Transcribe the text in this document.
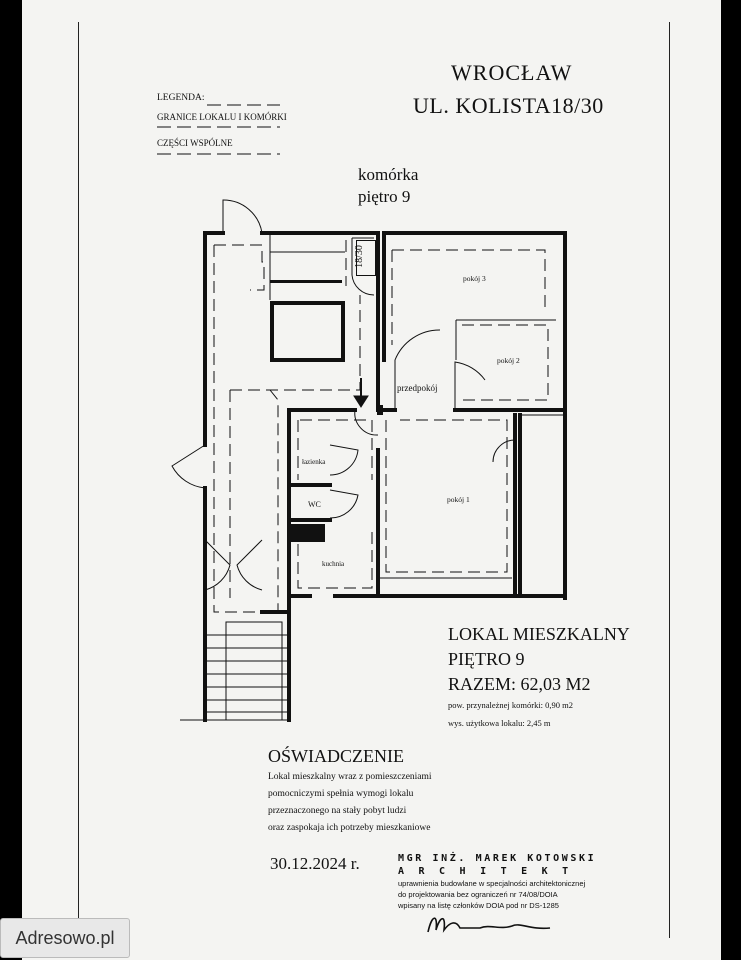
WROCŁAW
UL. KOLISTA18/30
LEGENDA:
GRANICE LOKALU I KOMÓRKI
CZĘŚCI WSPÓLNE
komórka
piętro 9
18/30
pokój 3
pokój 2
przedpokój
łazienka
WC
pokój 1
kuchnia
LOKAL MIESZKALNY
PIĘTRO 9
RAZEM: 62,03 M2
pow. przynależnej komórki: 0,90 m2
wys. użytkowa lokalu: 2,45 m
OŚWIADCZENIE
Lokal mieszkalny wraz z pomieszczeniami
pomocniczymi spełnia wymogi lokalu
przeznaczonego na stały pobyt ludzi
oraz zaspokaja ich potrzeby mieszkaniowe
30.12.2024 r.	MGR INŻ. MAREK KOTOWSKI
ARCHITEKT
uprawnienia budowlane w specjalności architektonicznej
do projektowania bez ograniczeń nr 74/08/DOIA
wpisany na listę członków DOIA pod nr DS-1285
Adresowo.pl
